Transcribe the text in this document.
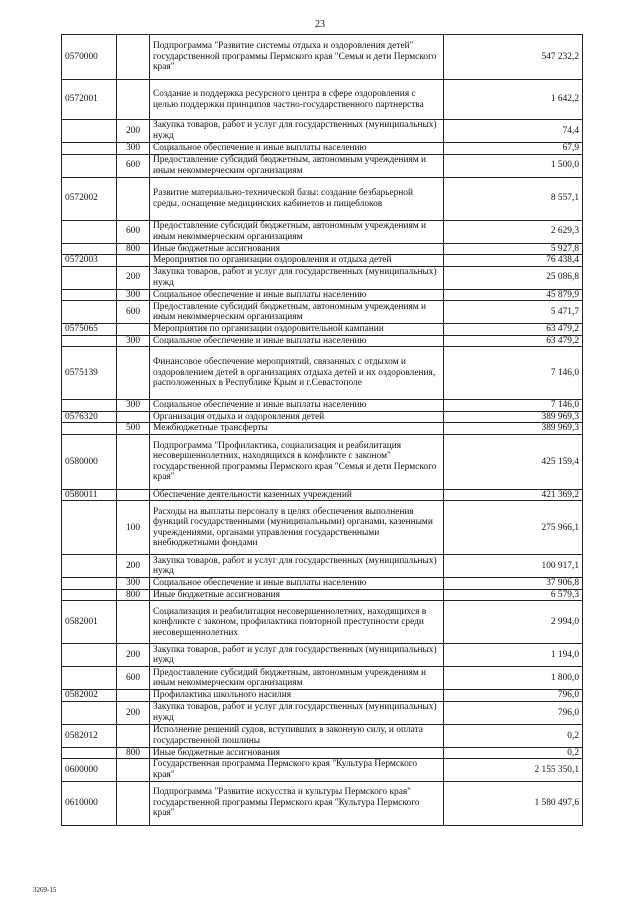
23
0570000		Подпрограмма "Развитие системы отдыха и оздоровления детей" государственной программы Пермского края "Семья и дети Пермского края"	547 232,2
0572001		Создание и поддержка ресурсного центра в сфере оздоровления с целью поддержки принципов частно-государственного партнерства	1 642,2
	200	Закупка товаров, работ и услуг для государственных (муниципальных) нужд	74,4
	300	Социальное обеспечение и иные выплаты населению	67,9
	600	Предоставление субсидий бюджетным, автономным учреждениям и иным некоммерческим организациям	1 500,0
0572002		Развитие материально-технической базы: создание безбарьерной среды, оснащение медицинских кабинетов и пищеблоков	8 557,1
	600	Предоставление субсидий бюджетным, автономным учреждениям и иным некоммерческим организациям	2 629,3
	800	Иные бюджетные ассигнования	5 927,8
0572003		Мероприятия по организации оздоровления и отдыха детей	76 438,4
	200	Закупка товаров, работ и услуг для государственных (муниципальных) нужд	25 086,8
	300	Социальное обеспечение и иные выплаты населению	45 879,9
	600	Предоставление субсидий бюджетным, автономным учреждениям и иным некоммерческим организациям	5 471,7
0575065		Мероприятия по организации оздоровительной кампании	63 479,2
	300	Социальное обеспечение и иные выплаты населению	63 479,2
0575139		Финансовое обеспечение мероприятий, связанных с отдыхом и оздоровлением детей в организациях отдыха детей и их оздоровления, расположенных в Республике Крым и г.Севастополе	7 146,0
	300	Социальное обеспечение и иные выплаты населению	7 146,0
0576320		Организация отдыха и оздоровления детей	389 969,3
	500	Межбюджетные трансферты	389 969,3
0580000		Подпрограмма "Профилактика, социализация и реабилитация несовершеннолетних, находящихся в конфликте с законом" государственной программы Пермского края "Семья и дети Пермского края"	425 159,4
0580011		Обеспечение деятельности казенных учреждений	421 369,2
	100	Расходы на выплаты персоналу в целях обеспечения выполнения функций государственными (муниципальными) органами, казенными учреждениями, органами управления государственными внебюджетными фондами	275 966,1
	200	Закупка товаров, работ и услуг для государственных (муниципальных) нужд	100 917,1
	300	Социальное обеспечение и иные выплаты населению	37 906,8
	800	Иные бюджетные ассигнования	6 579,3
0582001		Социализация и реабилитация несовершеннолетних, находящихся в конфликте с законом, профилактика повторной преступности среди несовершеннолетних	2 994,0
	200	Закупка товаров, работ и услуг для государственных (муниципальных) нужд	1 194,0
	600	Предоставление субсидий бюджетным, автономным учреждениям и иным некоммерческим организациям	1 800,0
0582002		Профилактика школьного насилия	796,0
	200	Закупка товаров, работ и услуг для государственных (муниципальных) нужд	796,0
0582012		Исполнение решений судов, вступивших в законную силу, и оплата государственной пошлины	0,2
	800	Иные бюджетные ассигнования	0,2
0600000		Государственная программа Пермского края "Культура Пермского края"	2 155 350,1
0610000		Подпрограмма "Развитие искусства и культуры Пермского края" государственной программы Пермского края "Культура Пермского края"	1 580 497,6
3269-15
